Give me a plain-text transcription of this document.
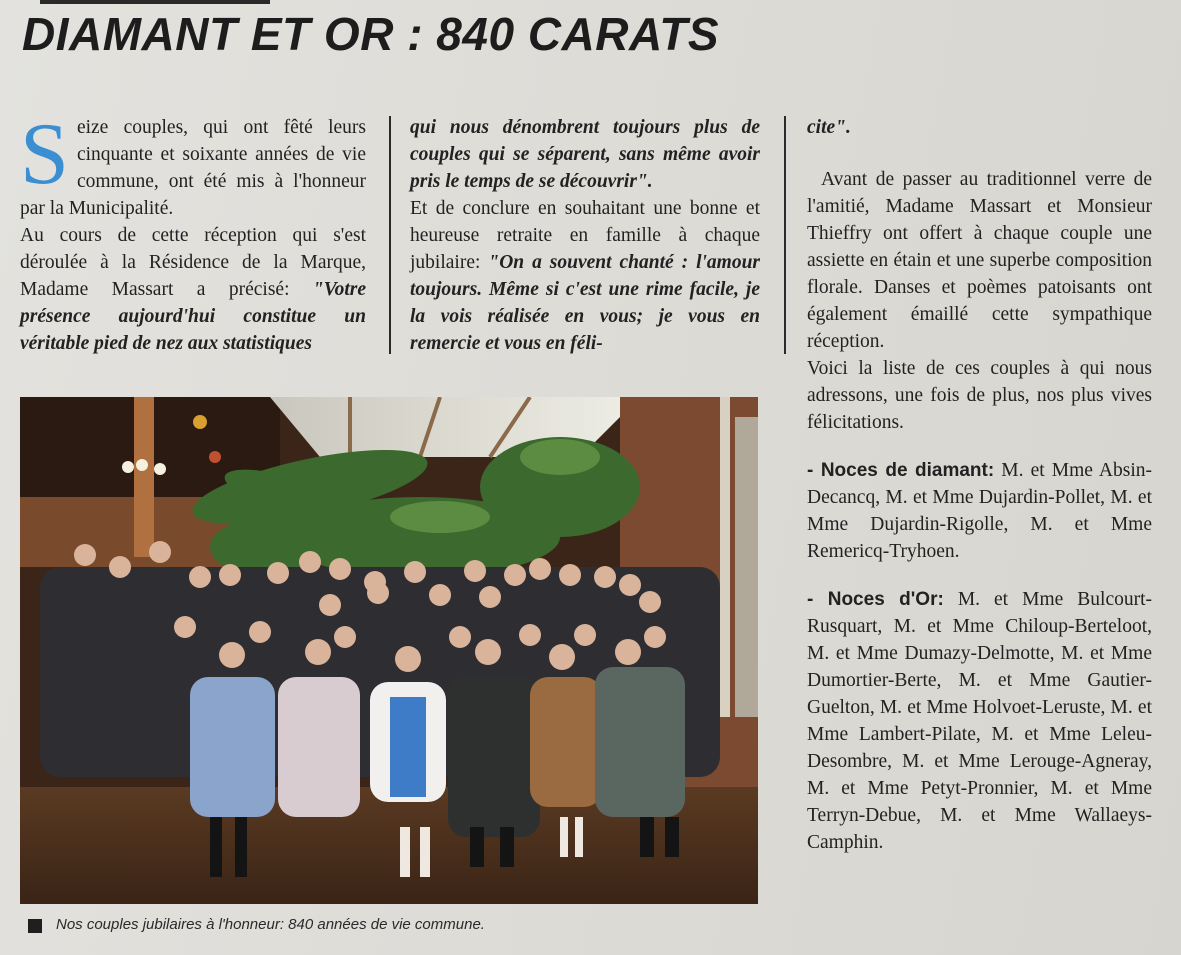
DIAMANT ET OR : 840 CARATS
S eize couples, qui ont fêté leurs cinquante et soixante années de vie commune, ont été mis à l'honneur par la Municipalité.

Au cours de cette réception qui s'est déroulée à la Résidence de la Marque, Madame Massart a précisé: "Votre présence aujourd'hui constitue un véritable pied de nez aux statistiques

qui nous dénombrent toujours plus de couples qui se séparent, sans même avoir pris le temps de se découvrir".

Et de conclure en souhaitant une bonne et heureuse retraite en famille à chaque jubilaire: "On a souvent chanté : l'amour toujours. Même si c'est une rime facile, je la vois réalisée en vous; je vous en remercie et vous en féli-

cite".

Avant de passer au traditionnel verre de l'amitié, Madame Massart et Monsieur Thieffry ont offert à chaque couple une assiette en étain et une superbe composition florale. Danses et poèmes patoisants ont également émaillé cette sympathique réception.

Voici la liste de ces couples à qui nous adressons, une fois de plus, nos plus vives félicitations.

- Noces de diamant: M. et Mme Absin-Decancq, M. et Mme Dujardin-Pollet, M. et Mme Dujardin-Rigolle, M. et Mme Remericq-Tryhoen.

- Noces d'Or: M. et Mme Bulcourt-Rusquart, M. et Mme Chiloup-Berteloot, M. et Mme Dumazy-Delmotte, M. et Mme Dumortier-Berte, M. et Mme Gautier-Guelton, M. et Mme Holvoet-Leruste, M. et Mme Lambert-Pilate, M. et Mme Leleu-Desombre, M. et Mme Lerouge-Agneray, M. et Mme Petyt-Pronnier, M. et Mme Terryn-Debue, M. et Mme Wallaeys-Camphin.

Nos couples jubilaires à l'honneur: 840 années de vie commune.
